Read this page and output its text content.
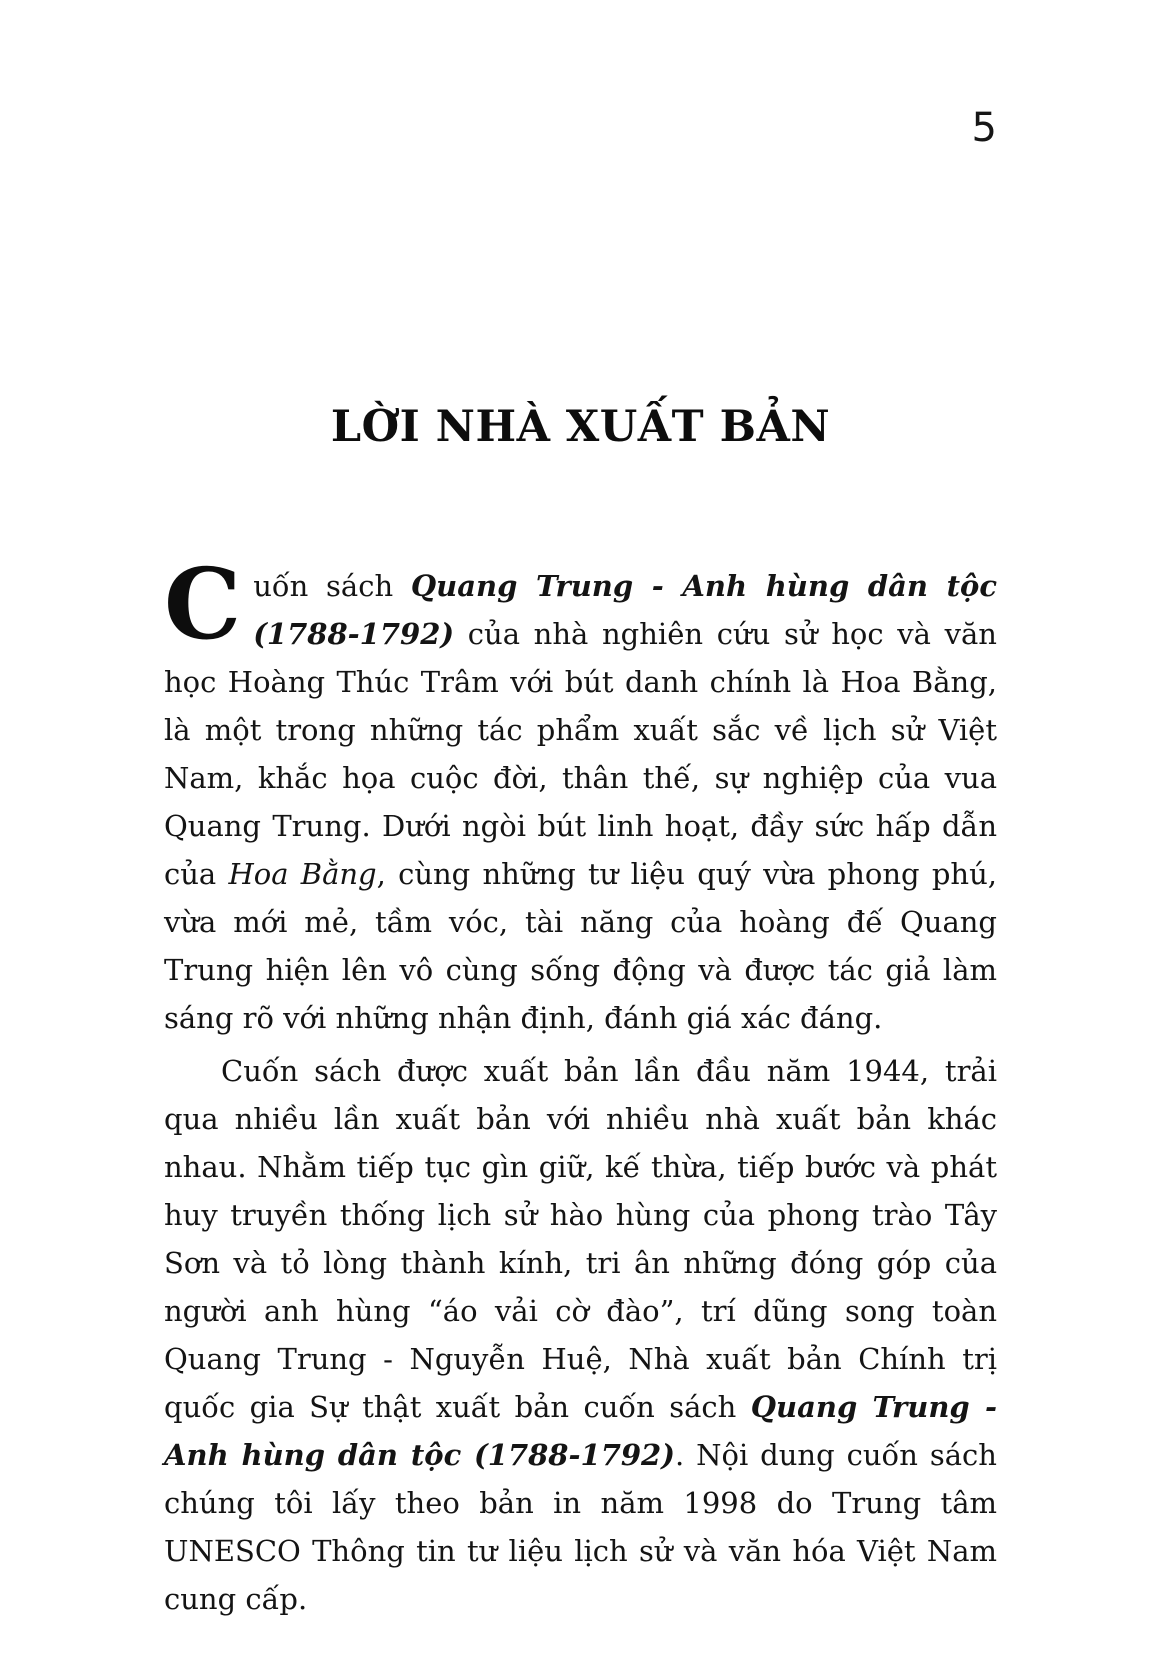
5
LỜI NHÀ XUẤT BẢN

Cuốn sách Quang Trung - Anh hùng dân tộc (1788-1792) của nhà nghiên cứu sử học và văn học Hoàng Thúc Trâm với bút danh chính là Hoa Bằng, là một trong những tác phẩm xuất sắc về lịch sử Việt Nam, khắc họa cuộc đời, thân thế, sự nghiệp của vua Quang Trung. Dưới ngòi bút linh hoạt, đầy sức hấp dẫn của Hoa Bằng, cùng những tư liệu quý vừa phong phú, vừa mới mẻ, tầm vóc, tài năng của hoàng đế Quang Trung hiện lên vô cùng sống động và được tác giả làm sáng rõ với những nhận định, đánh giá xác đáng.

Cuốn sách được xuất bản lần đầu năm 1944, trải qua nhiều lần xuất bản với nhiều nhà xuất bản khác nhau. Nhằm tiếp tục gìn giữ, kế thừa, tiếp bước và phát huy truyền thống lịch sử hào hùng của phong trào Tây Sơn và tỏ lòng thành kính, tri ân những đóng góp của người anh hùng “áo vải cờ đào”, trí dũng song toàn Quang Trung - Nguyễn Huệ, Nhà xuất bản Chính trị quốc gia Sự thật xuất bản cuốn sách Quang Trung - Anh hùng dân tộc (1788-1792). Nội dung cuốn sách chúng tôi lấy theo bản in năm 1998 do Trung tâm UNESCO Thông tin tư liệu lịch sử và văn hóa Việt Nam cung cấp.
